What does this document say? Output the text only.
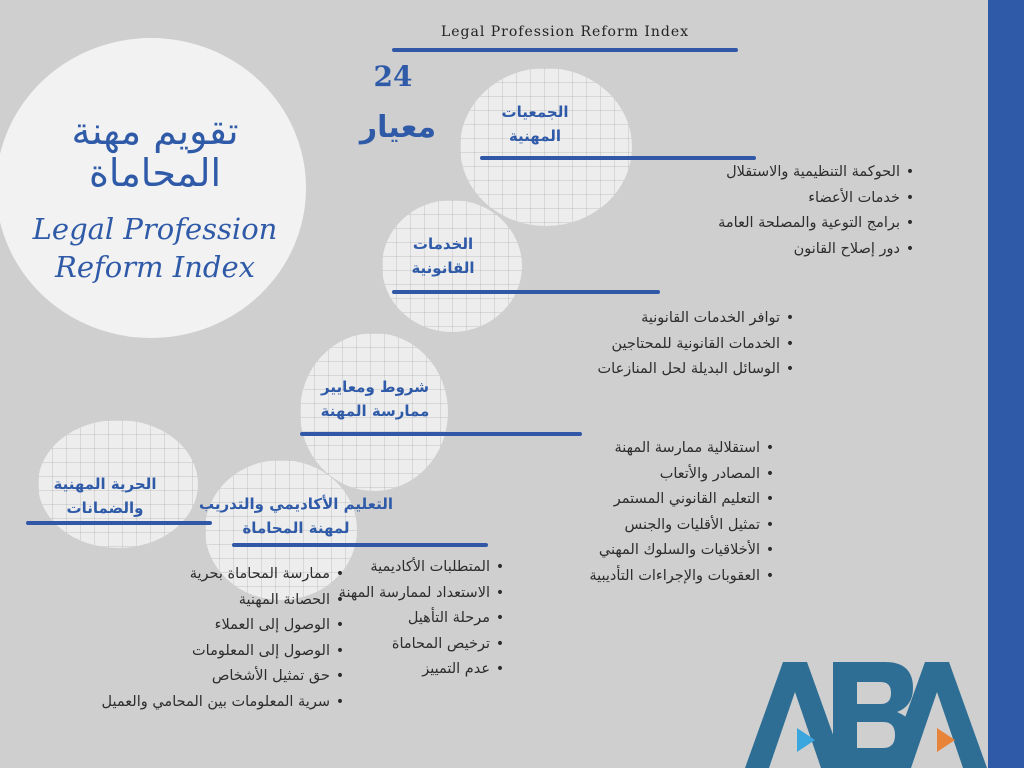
Legal Profession Reform Index
تقويم مهنة المحاماة
Legal Profession Reform Index
24
معيار	الجمعيات المهنية
• الحوكمة التنظيمية والاستقلال
• خدمات الأعضاء
• برامج التوعية والمصلحة العامة
• دور إصلاح القانون
الخدمات القانونية
• توافر الخدمات القانونية
• الخدمات القانونية للمحتاجين
• الوسائل البديلة لحل المنازعات
شروط ومعايير ممارسة المهنة
• استقلالية ممارسة المهنة
• المصادر والأتعاب
• التعليم القانوني المستمر
• تمثيل الأقليات والجنس
• الأخلاقيات والسلوك المهني
• العقوبات والإجراءات التأديبية
التعليم الأكاديمي والتدريب لمهنة المحاماة
• المتطلبات الأكاديمية
• الاستعداد لممارسة المهنة
• مرحلة التأهيل
• ترخيص المحاماة
• عدم التمييز
الحرية المهنية والضمانات
• ممارسة المحاماة بحرية
• الحصانة المهنية
• الوصول إلى العملاء
• الوصول إلى المعلومات
• حق تمثيل الأشخاص
• سرية المعلومات بين المحامي والعميل
